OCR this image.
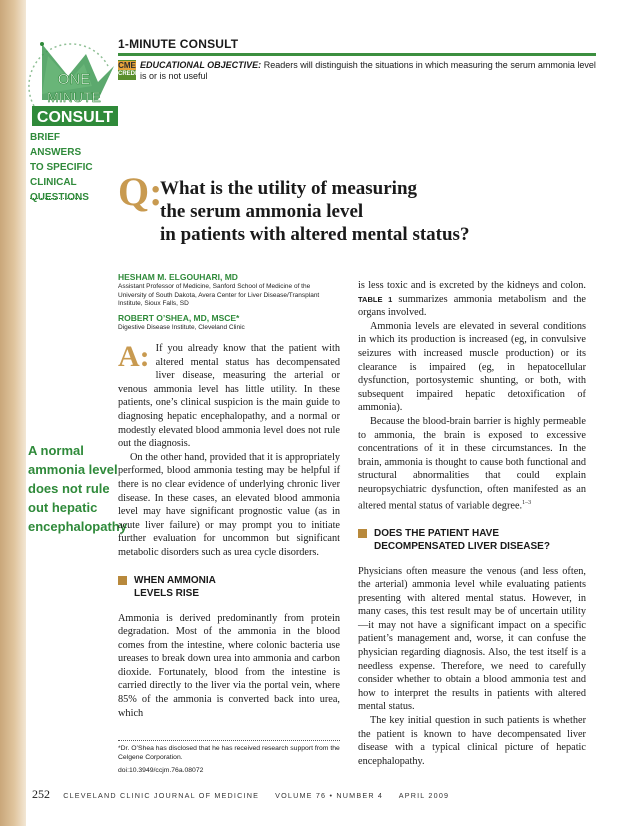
1-MINUTE CONSULT
CME
CREDIT
EDUCATIONAL OBJECTIVE: Readers will distinguish the situations in which measuring the serum ammonia level is or is not useful
ONE
MINUTE
CONSULT
BRIEF ANSWERS
TO SPECIFIC
CLINICAL
QUESTIONS Q:
What is the utility of measuring
the serum ammonia level
in patients with altered mental status?
A normal
ammonia level
does not rule
out hepatic
encephalopathy
HESHAM M. ELGOUHARI, MD
Assistant Professor of Medicine, Sanford School of Medicine of the University of South Dakota, Avera Center for Liver Disease/Transplant Institute, Sioux Falls, SD
ROBERT O’SHEA, MD, MSCE*
Digestive Disease Institute, Cleveland Clinic

A: If you already know that the patient with altered mental status has decompensated liver disease, measuring the arterial or venous ammonia level has little utility. In these patients, one’s clinical suspicion is the main guide to diagnosing hepatic encephalopathy, and a normal or modestly elevated blood ammonia level does not rule out the diagnosis.

On the other hand, provided that it is appropriately performed, blood ammonia testing may be helpful if there is no clear evidence of underlying chronic liver disease. In these cases, an elevated blood ammonia level may have significant prognostic value (as in acute liver failure) or may prompt you to initiate further evaluation for uncommon but significant metabolic disorders such as urea cycle disorders.

WHEN AMMONIA
LEVELS RISE

Ammonia is derived predominantly from protein degradation. Most of the ammonia in the blood comes from the intestine, where colonic bacteria use ureases to break down urea into ammonia and carbon dioxide. Fortunately, blood from the intestine is carried directly to the liver via the portal vein, where 85% of the ammonia is converted back into urea, which

*Dr. O’Shea has disclosed that he has received research support from the Celgene Corporation.
doi:10.3949/ccjm.76a.08072

is less toxic and is excreted by the kidneys and colon. TABLE 1 summarizes ammonia metabolism and the organs involved.

Ammonia levels are elevated in several conditions in which its production is increased (eg, in convulsive seizures with increased muscle production) or its clearance is impaired (eg, in hepatocellular dysfunction, portosystemic shunting, or both, with subsequent impaired hepatic detoxification of ammonia).

Because the blood-brain barrier is highly permeable to ammonia, the brain is exposed to excessive concentrations of it in these circumstances. In the brain, ammonia is thought to cause both functional and structural abnormalities that could explain neuropsychiatric dysfunction, often manifested as an altered mental status of variable degree.$^{1-3}$

DOES THE PATIENT HAVE
DECOMPENSATED LIVER DISEASE?

Physicians often measure the venous (and less often, the arterial) ammonia level while evaluating patients presenting with altered mental status. However, in many cases, this test result may be of uncertain utility—it may not have a significant impact on a specific patient’s management and, worse, it can confuse the physician regarding diagnosis. Also, the test itself is a needless expense. Therefore, we need to carefully consider whether to obtain a blood ammonia test and how to interpret the results in patients with altered mental status.

The key initial question in such patients is whether the patient is known to have decompensated liver disease with a typical clinical picture of hepatic encephalopathy.

252 CLEVELAND CLINIC JOURNAL OF MEDICINE VOLUME 76 • NUMBER 4 APRIL 2009
